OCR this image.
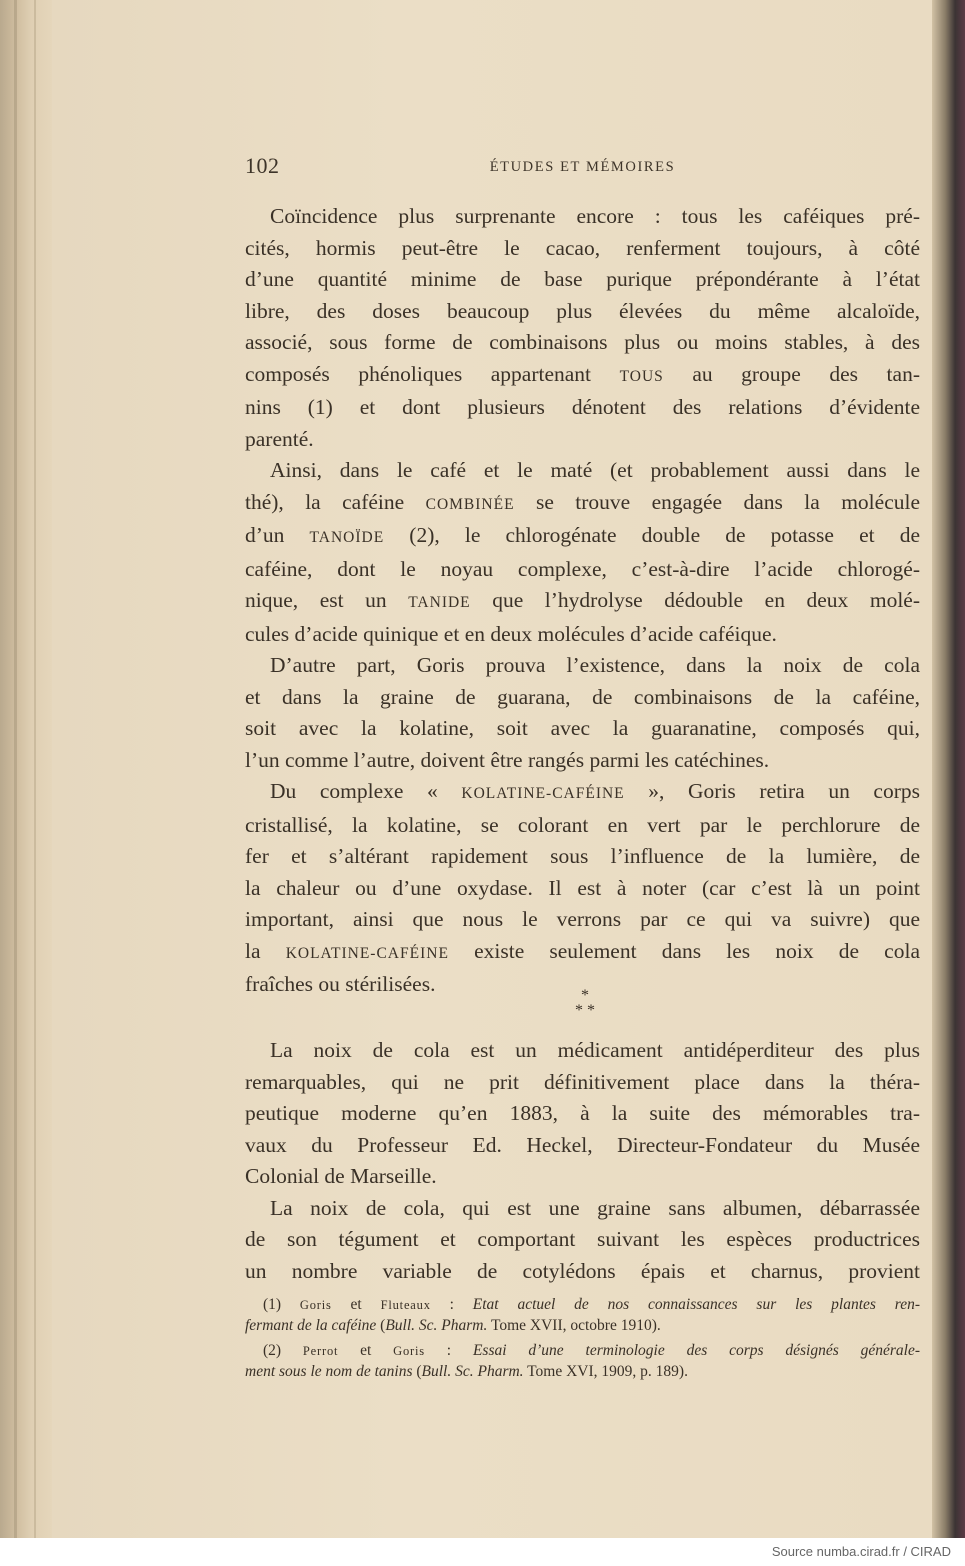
102	ÉTUDES ET MÉMOIRES

Coïncidence plus surprenante encore : tous les caféiques pré-
cités, hormis peut-être le cacao, renferment toujours, à côté
d’une quantité minime de base purique prépondérante à l’état
libre, des doses beaucoup plus élevées du même alcaloïde,
associé, sous forme de combinaisons plus ou moins stables, à des
composés phénoliques appartenant TOUS au groupe des tan-
nins (1) et dont plusieurs dénotent des relations d’évidente
parenté.

Ainsi, dans le café et le maté (et probablement aussi dans le
thé), la caféine COMBINÉE se trouve engagée dans la molécule
d’un TANOÏDE (2), le chlorogénate double de potasse et de
caféine, dont le noyau complexe, c’est-à-dire l’acide chlorogé-
nique, est un TANIDE que l’hydrolyse dédouble en deux molé-
cules d’acide quinique et en deux molécules d’acide caféique.

D’autre part, Goris prouva l’existence, dans la noix de cola
et dans la graine de guarana, de combinaisons de la caféine,
soit avec la kolatine, soit avec la guaranatine, composés qui,
l’un comme l’autre, doivent être rangés parmi les catéchines.

Du complexe « KOLATINE-CAFÉINE », Goris retira un corps
cristallisé, la kolatine, se colorant en vert par le perchlorure de
fer et s’altérant rapidement sous l’influence de la lumière, de
la chaleur ou d’une oxydase. Il est à noter (car c’est là un point
important, ainsi que nous le verrons par ce qui va suivre) que
la KOLATINE-CAFÉINE existe seulement dans les noix de cola
fraîches ou stérilisées.	*
* *

La noix de cola est un médicament antidéperditeur des plus
remarquables, qui ne prit définitivement place dans la théra-
peutique moderne qu’en 1883, à la suite des mémorables tra-
vaux du Professeur Ed. Heckel, Directeur-Fondateur du Musée
Colonial de Marseille.

La noix de cola, qui est une graine sans albumen, débarrassée
de son tégument et comportant suivant les espèces productrices
un nombre variable de cotylédons épais et charnus, provient

(1) Goris et Fluteaux : Etat actuel de nos connaissances sur les plantes ren-
fermant de la caféine (Bull. Sc. Pharm. Tome XVII, octobre 1910).

(2) Perrot et Goris : Essai d’une terminologie des corps désignés générale-
ment sous le nom de tanins (Bull. Sc. Pharm. Tome XVI, 1909, p. 189).

Source numba.cirad.fr / CIRAD
